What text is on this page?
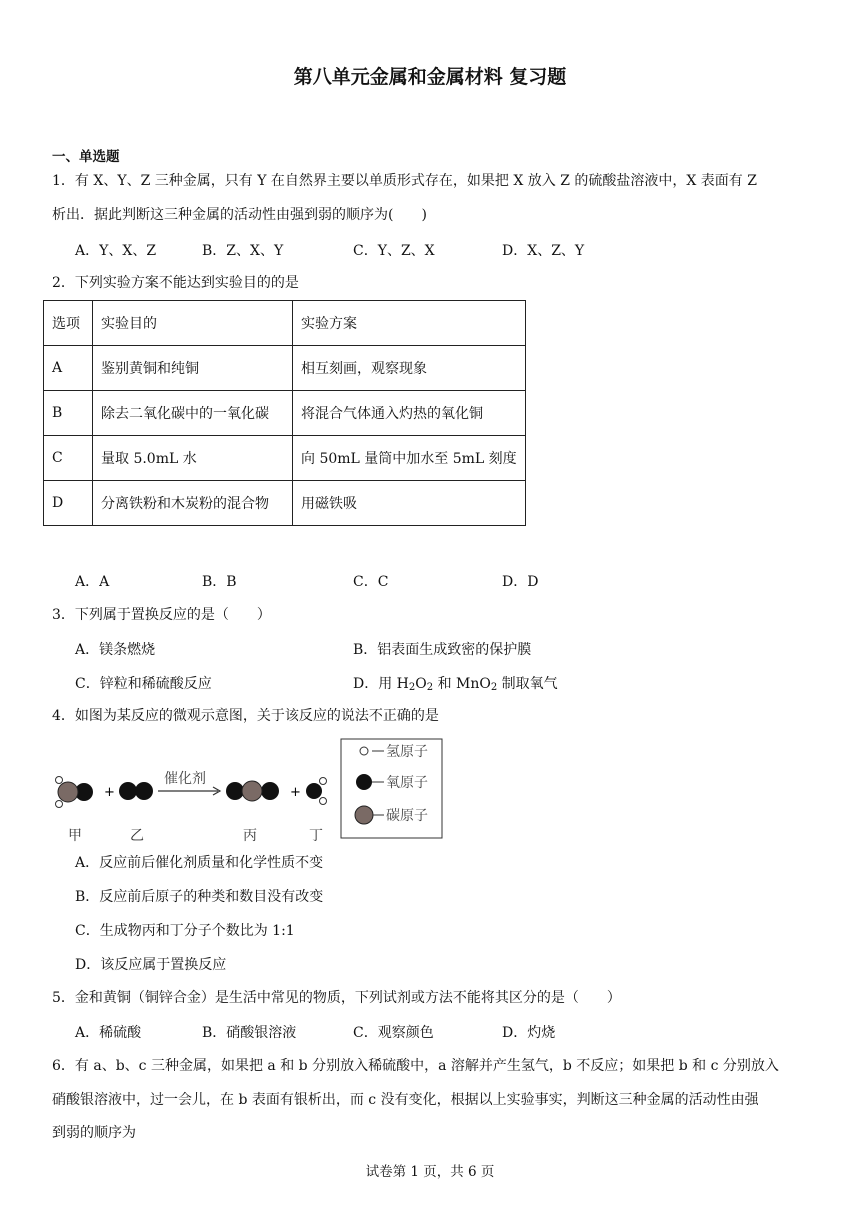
第八单元金属和金属材料 复习题
一、单选题
1．有 X、Y、Z 三种金属，只有 Y 在自然界主要以单质形式存在，如果把 X 放入 Z 的硫酸盐溶液中，X 表面有 Z
析出．据此判断这三种金属的活动性由强到弱的顺序为(　　)
A．Y、X、Z	B．Z、X、Y	C．Y、Z、X	D．X、Z、Y
2．下列实验方案不能达到实验目的的是
选项	实验目的	实验方案
A	鉴别黄铜和纯铜	相互刻画，观察现象
B	除去二氧化碳中的一氧化碳	将混合气体通入灼热的氧化铜
C	量取 5.0mL 水	向 50mL 量筒中加水至 5mL 刻度
D	分离铁粉和木炭粉的混合物	用磁铁吸
A．A	B．B	C．C	D．D
3．下列属于置换反应的是（　　）
A．镁条燃烧	B．铝表面生成致密的保护膜
C．锌粒和稀硫酸反应	D．用 $H_2O_2$ 和 MnO$_2$ 制取氧气
4．如图为某反应的微观示意图，关于该反应的说法不正确的是
+
催化剂
+
甲	乙	丙	丁
氢原子
氧原子
碳原子
A．反应前后催化剂质量和化学性质不变
B．反应前后原子的种类和数目没有改变
C．生成物丙和丁分子个数比为 1:1
D．该反应属于置换反应
5．金和黄铜（铜锌合金）是生活中常见的物质，下列试剂或方法不能将其区分的是（　　）
A．稀硫酸	B．硝酸银溶液	C．观察颜色	D．灼烧
6．有 a、b、c 三种金属，如果把 a 和 b 分别放入稀硫酸中，a 溶解并产生氢气，b 不反应；如果把 b 和 c 分别放入
硝酸银溶液中，过一会儿，在 b 表面有银析出，而 c 没有变化，根据以上实验事实，判断这三种金属的活动性由强
到弱的顺序为
试卷第 1 页，共 6 页
